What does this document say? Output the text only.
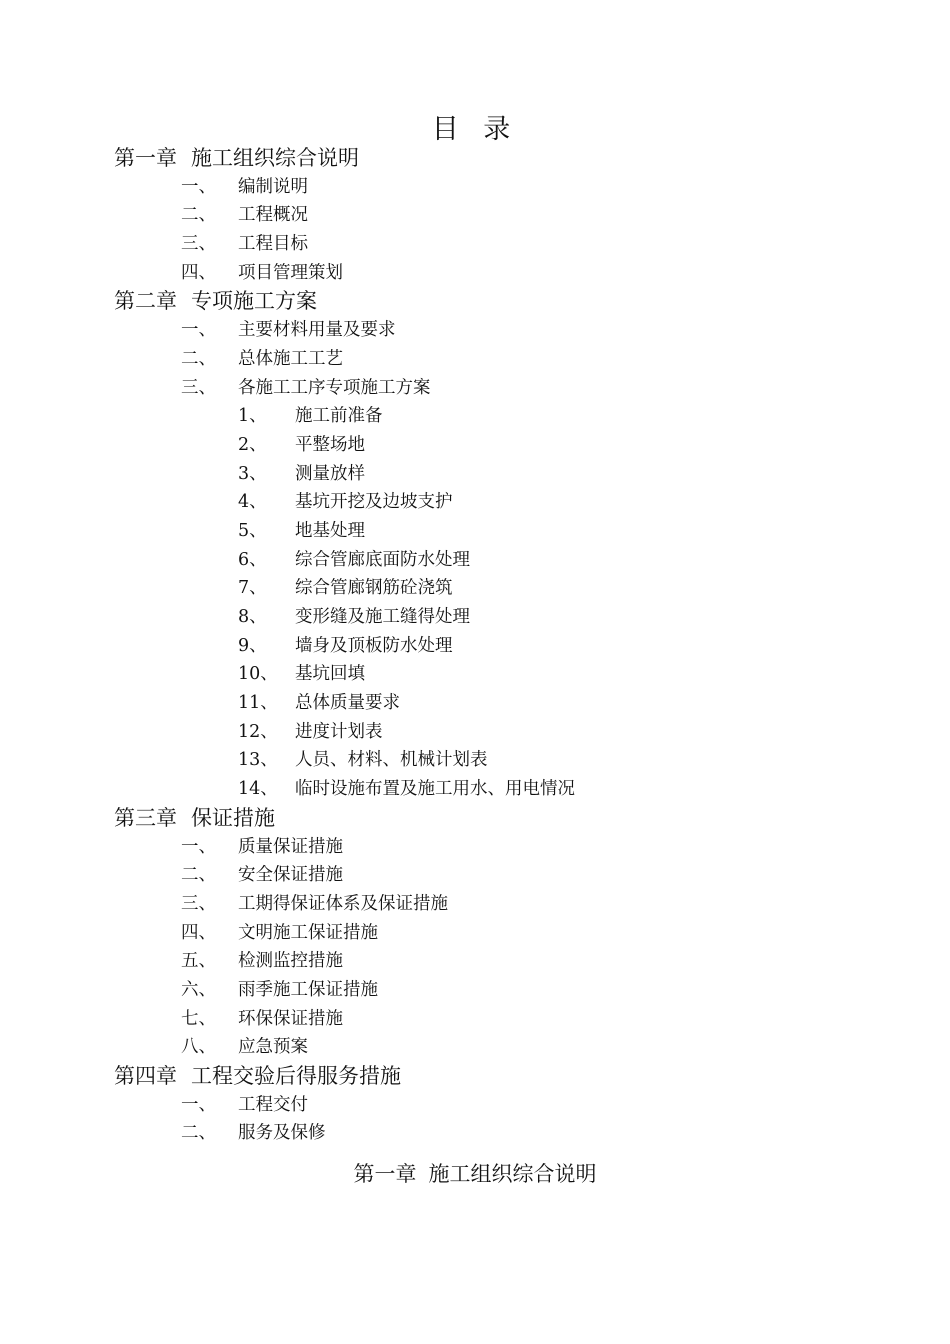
目 录
第一章 施工组织综合说明
一、 编制说明
二、 工程概况
三、 工程目标
四、 项目管理策划
第二章 专项施工方案
一、 主要材料用量及要求
二、 总体施工工艺
三、 各施工工序专项施工方案
1、 施工前准备
2、 平整场地
3、 测量放样
4、 基坑开挖及边坡支护
5、 地基处理
6、 综合管廊底面防水处理
7、 综合管廊钢筋砼浇筑
8、 变形缝及施工缝得处理
9、 墙身及顶板防水处理
10、 基坑回填
11、 总体质量要求
12、 进度计划表
13、 人员、材料、机械计划表
14、 临时设施布置及施工用水、用电情况
第三章 保证措施
一、 质量保证措施
二、 安全保证措施
三、 工期得保证体系及保证措施
四、 文明施工保证措施
五、 检测监控措施
六、 雨季施工保证措施
七、 环保保证措施
八、 应急预案
第四章 工程交验后得服务措施
一、 工程交付
二、 服务及保修
第一章 施工组织综合说明
